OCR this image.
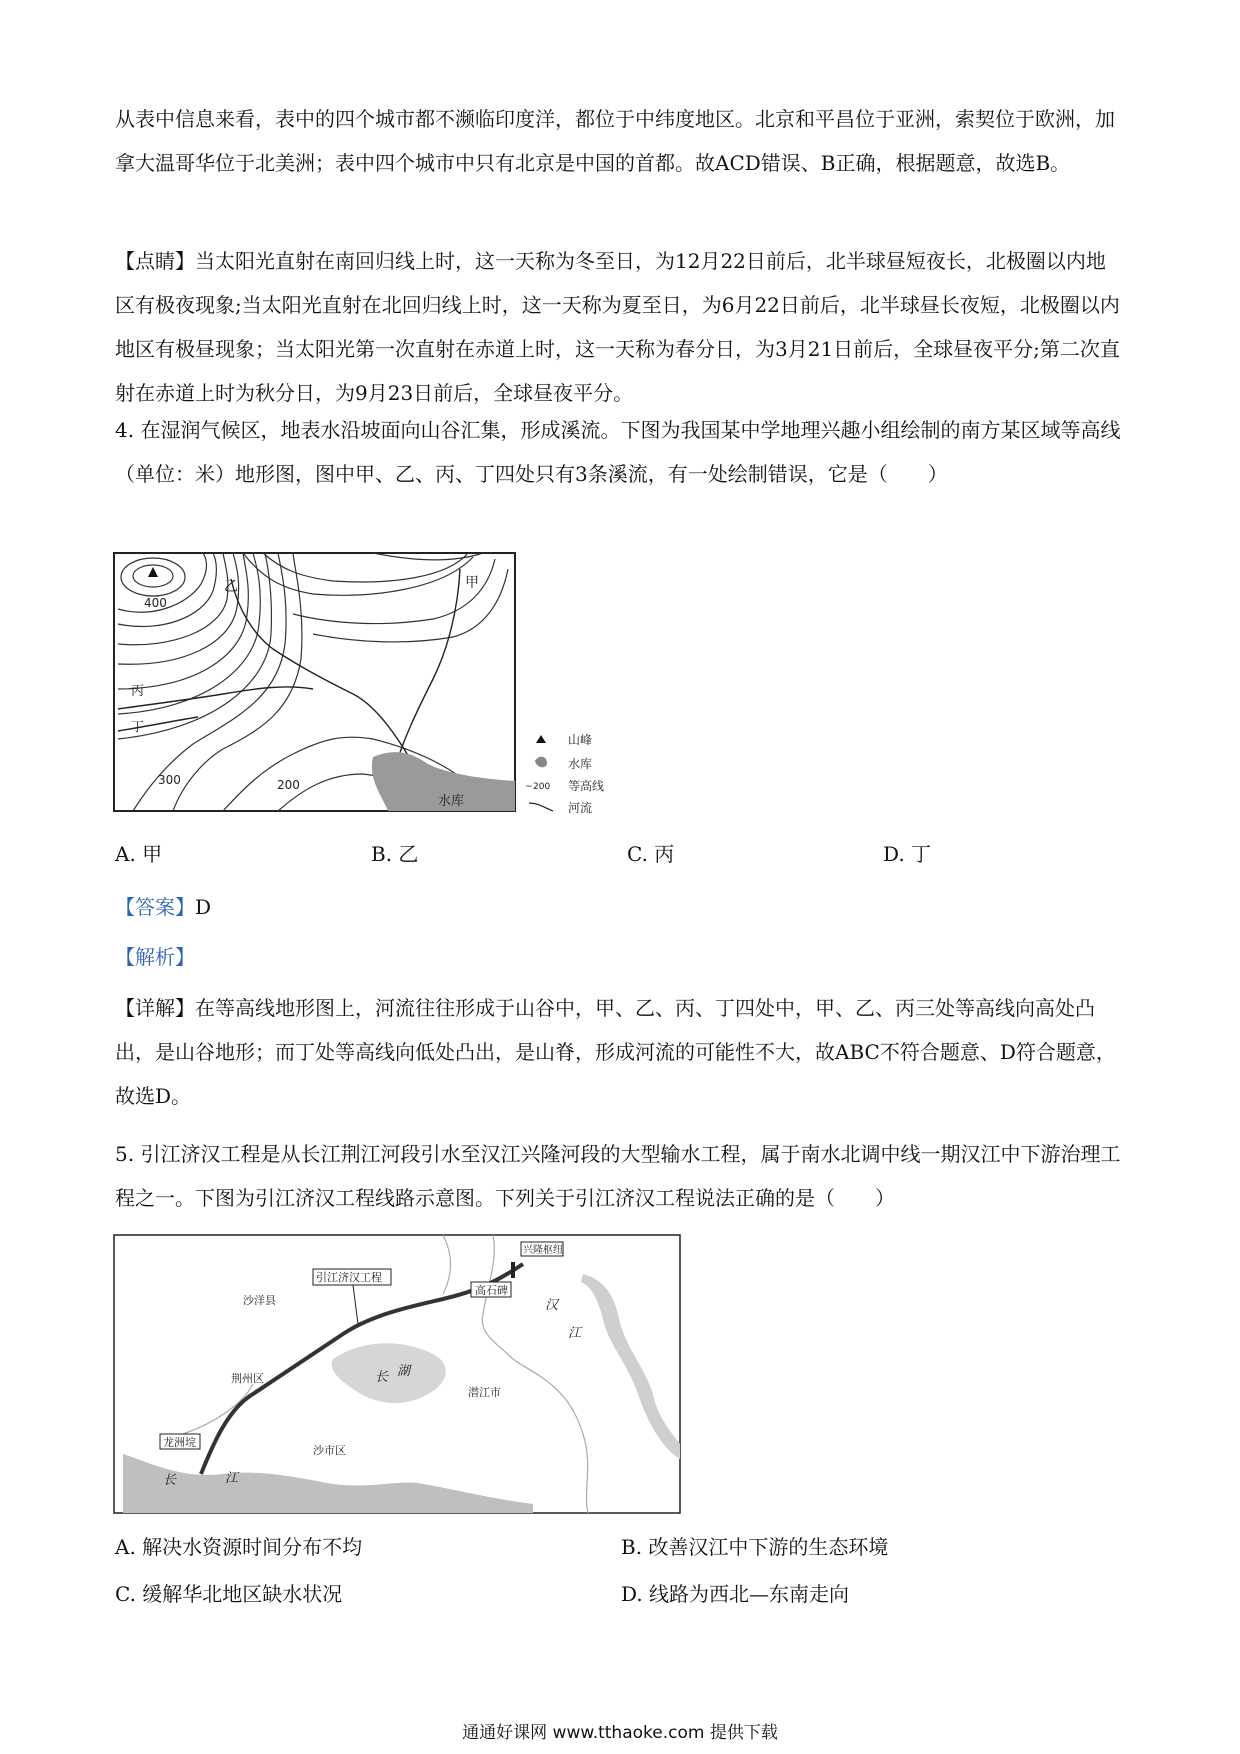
从表中信息来看，表中的四个城市都不濒临印度洋，都位于中纬度地区。北京和平昌位于亚洲，索契位于欧洲，加拿大温哥华位于北美洲；表中四个城市中只有北京是中国的首都。故ACD错误、B正确，根据题意，故选B。
【点睛】当太阳光直射在南回归线上时，这一天称为冬至日，为12月22日前后，北半球昼短夜长，北极圈以内地区有极夜现象;当太阳光直射在北回归线上时，这一天称为夏至日，为6月22日前后，北半球昼长夜短，北极圈以内地区有极昼现象；当太阳光第一次直射在赤道上时，这一天称为春分日，为3月21日前后，全球昼夜平分;第二次直射在赤道上时为秋分日，为9月23日前后，全球昼夜平分。
4. 在湿润气候区，地表水沿坡面向山谷汇集，形成溪流。下图为我国某中学地理兴趣小组绘制的南方某区域等高线（单位：米）地形图，图中甲、乙、丙、丁四处只有3条溪流，有一处绘制错误，它是（　　）
400
300	200
乙	甲
丙
丁
水库
山峰
水库
~ 200 等高线
河流
A. 甲	B. 乙	C. 丙	D. 丁
【答案】D
【解析】
【详解】在等高线地形图上，河流往往形成于山谷中，甲、乙、丙、丁四处中，甲、乙、丙三处等高线向高处凸出，是山谷地形；而丁处等高线向低处凸出，是山脊，形成河流的可能性不大，故ABC不符合题意、D符合题意，故选D。
5. 引江济汉工程是从长江荆江河段引水至汉江兴隆河段的大型输水工程，属于南水北调中线一期汉江中下游治理工程之一。下图为引江济汉工程线路示意图。下列关于引江济汉工程说法正确的是（　　）
兴隆枢纽
引江济汉工程
高石碑
龙洲垸
沙洋县
荆州区
沙市区
潜江市
长 湖
汉
江
长	江
A. 解决水资源时间分布不均	B. 改善汉江中下游的生态环境
C. 缓解华北地区缺水状况	D. 线路为西北—东南走向
通通好课网 www.tthaoke.com 提供下载
